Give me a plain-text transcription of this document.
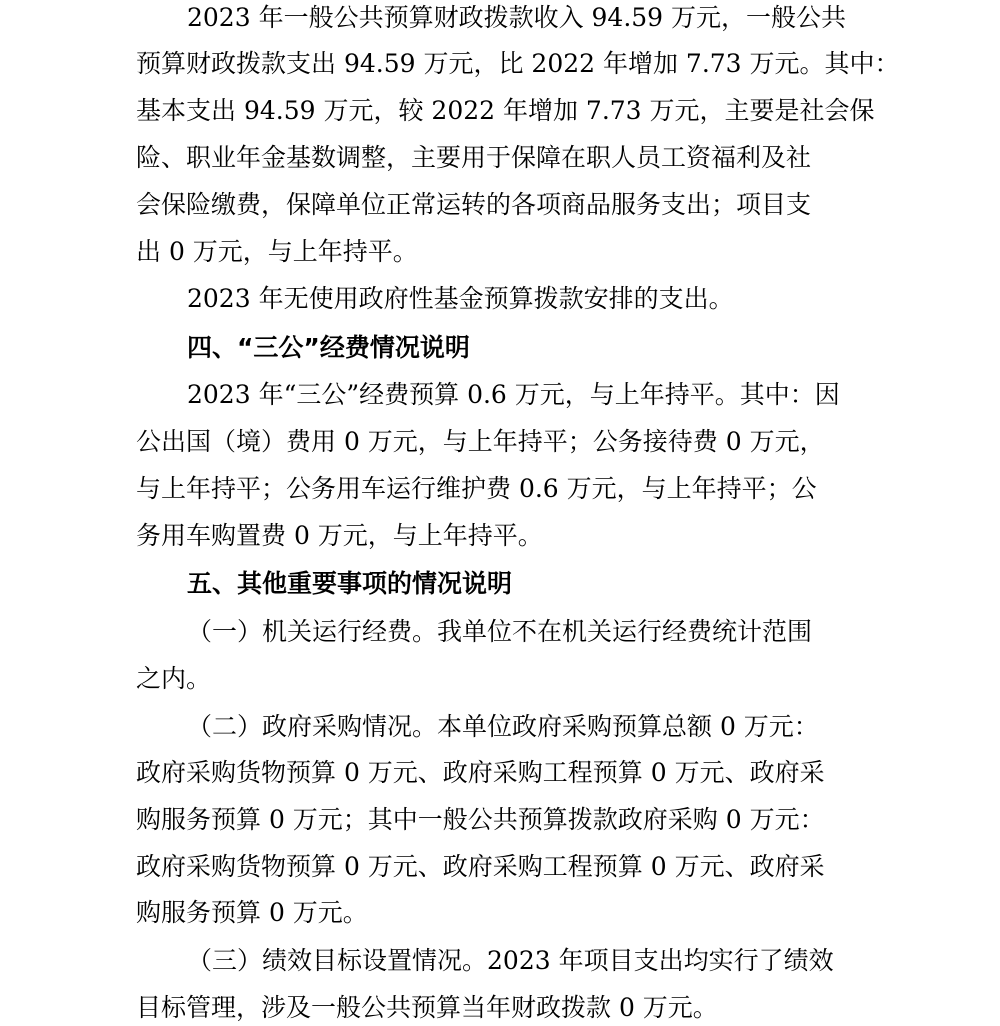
2023 年一般公共预算财政拨款收入 94.59 万元，一般公共
预算财政拨款支出 94.59 万元，比 2022 年增加 7.73 万元。其中：
基本支出 94.59 万元，较 2022 年增加 7.73 万元，主要是社会保
险、职业年金基数调整，主要用于保障在职人员工资福利及社
会保险缴费，保障单位正常运转的各项商品服务支出；项目支
出 0 万元，与上年持平。
2023 年无使用政府性基金预算拨款安排的支出。
四、“三公”经费情况说明
2023 年“三公”经费预算 0.6 万元，与上年持平。其中：因
公出国（境）费用 0 万元，与上年持平；公务接待费 0 万元，
与上年持平；公务用车运行维护费 0.6 万元，与上年持平；公
务用车购置费 0 万元，与上年持平。
五、其他重要事项的情况说明
（一）机关运行经费。我单位不在机关运行经费统计范围
之内。
（二）政府采购情况。本单位政府采购预算总额 0 万元：
政府采购货物预算 0 万元、政府采购工程预算 0 万元、政府采
购服务预算 0 万元；其中一般公共预算拨款政府采购 0 万元：
政府采购货物预算 0 万元、政府采购工程预算 0 万元、政府采
购服务预算 0 万元。
（三）绩效目标设置情况。2023 年项目支出均实行了绩效
目标管理，涉及一般公共预算当年财政拨款 0 万元。
